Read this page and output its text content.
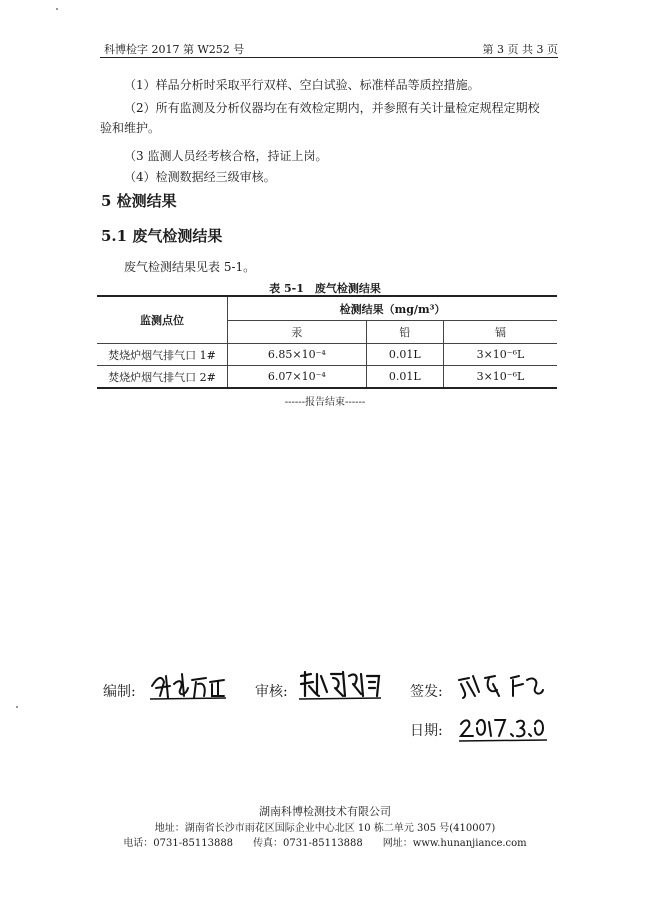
科博检字 2017 第 W252 号	第 3 页 共 3 页
（1）样品分析时采取平行双样、空白试验、标准样品等质控措施。
（2）所有监测及分析仪器均在有效检定期内，并参照有关计量检定规程定期校验和维护。
（3 监测人员经考核合格，持证上岗。
（4）检测数据经三级审核。
5 检测结果
5.1 废气检测结果
废气检测结果见表 5-1。
表 5-1　废气检测结果
监测点位	检测结果（mg/m³）		
	汞	铅	镉
焚烧炉烟气排气口 1#	6.85×10⁻⁴	0.01L	3×10⁻⁶L
焚烧炉烟气排气口 2#	6.07×10⁻⁴	0.01L	3×10⁻⁶L
------报告结束------
编制:	审核:	签发:
日期:
湖南科博检测技术有限公司
地址：湖南省长沙市雨花区国际企业中心北区 10 栋二单元 305 号(410007)
电话：0731-85113888　　传真：0731-85113888　　网址：www.hunanjiance.com
